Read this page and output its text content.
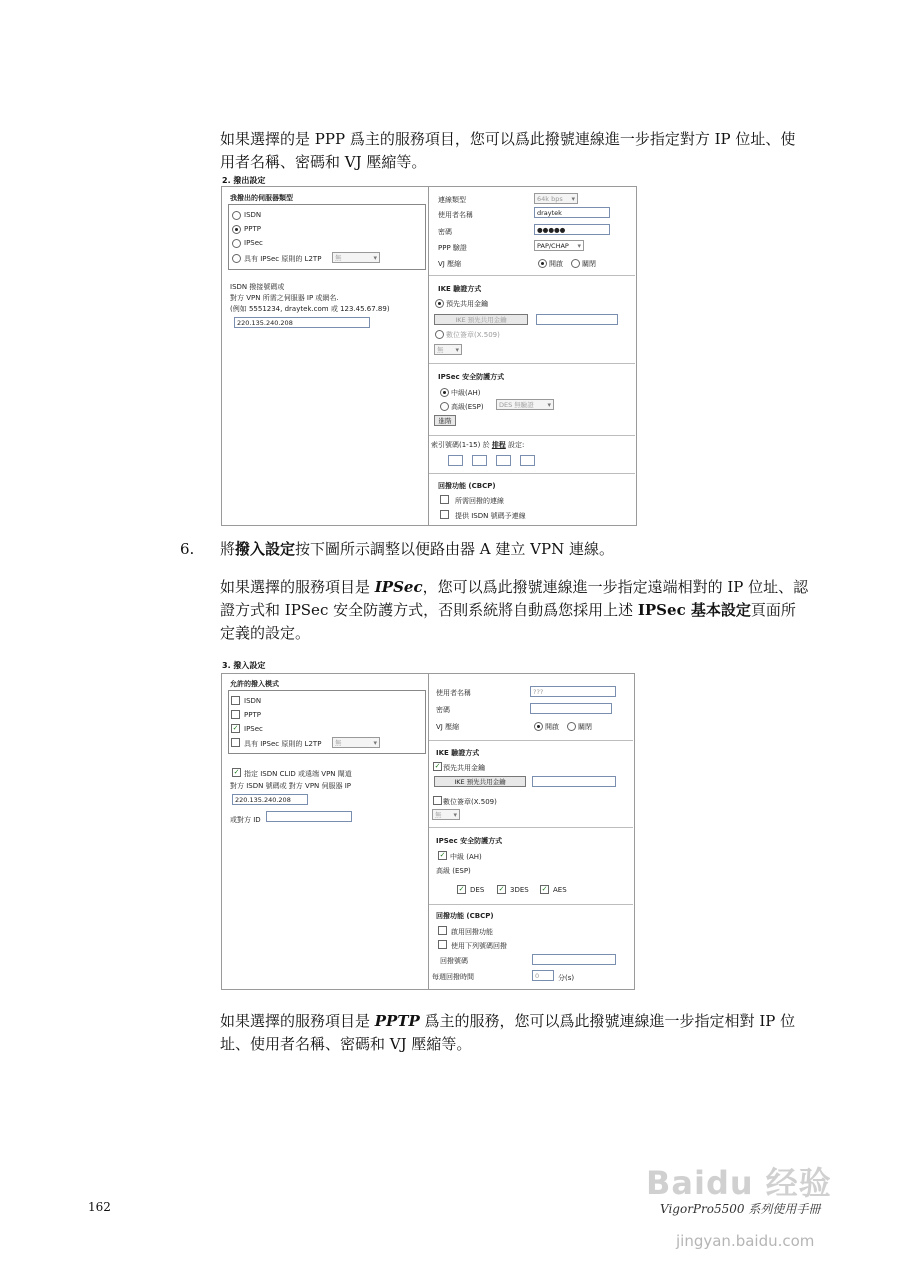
如果選擇的是 PPP 爲主的服務項目，您可以爲此撥號連線進一步指定對方 IP 位址、使用者名稱、密碼和 VJ 壓縮等。
2. 撥出設定
我撥出的伺服器類型
ISDN
PPTP
IPSec
具有 IPSec 原則的 L2TP	無 ▾
ISDN 撥接號碼或
對方 VPN 所需之伺服器 IP 或網名.
(例如 5551234, draytek.com 或 123.45.67.89)
220.135.240.208
連線類型	64k bps ▾
使用者名稱	draytek
密碼	●●●●●
PPP 驗證	PAP/CHAP ▾
VJ 壓縮	開啟	關閉
IKE 驗證方式
預先共用金鑰
IKE 預先共用金鑰
數位簽章(X.509)
無 ▾
IPSec 安全防護方式
中級(AH)
高級(ESP)	DES 無驗證 ▾
進階
索引號碼(1-15) 於 排程 設定:
回撥功能 (CBCP)
所需回撥的連線
提供 ISDN 號碼予連線
6. 將撥入設定按下圖所示調整以便路由器 A 建立 VPN 連線。
如果選擇的服務項目是 IPSec，您可以爲此撥號連線進一步指定遠端相對的 IP 位址、認證方式和 IPSec 安全防護方式，否則系統將自動爲您採用上述 IPSec 基本設定頁面所定義的設定。
3. 撥入設定
允許的撥入模式
ISDN
PPTP
✓ IPSec
具有 IPSec 原則的 L2TP	無 ▾
✓ 指定 ISDN CLID 或遠端 VPN 閘道
對方 ISDN 號碼或 對方 VPN 伺服器 IP
220.135.240.208
或對方 ID
使用者名稱	???
密碼
VJ 壓縮	開啟	關閉
IKE 驗證方式
✓ 預先共用金鑰
IKE 預先共用金鑰
數位簽章(X.509)
無 ▾
IPSec 安全防護方式
✓ 中級 (AH)
高級 (ESP)
✓ DES ✓ 3DES ✓ AES
回撥功能 (CBCP)
啟用回撥功能
使用下列號碼回撥
回撥號碼
每週回撥時間	0	分(s)
如果選擇的服務項目是 PPTP 爲主的服務，您可以爲此撥號連線進一步指定相對 IP 位址、使用者名稱、密碼和 VJ 壓縮等。
162	VigorPro5500 系列使用手冊
Baidu 经验
jingyan.baidu.com
